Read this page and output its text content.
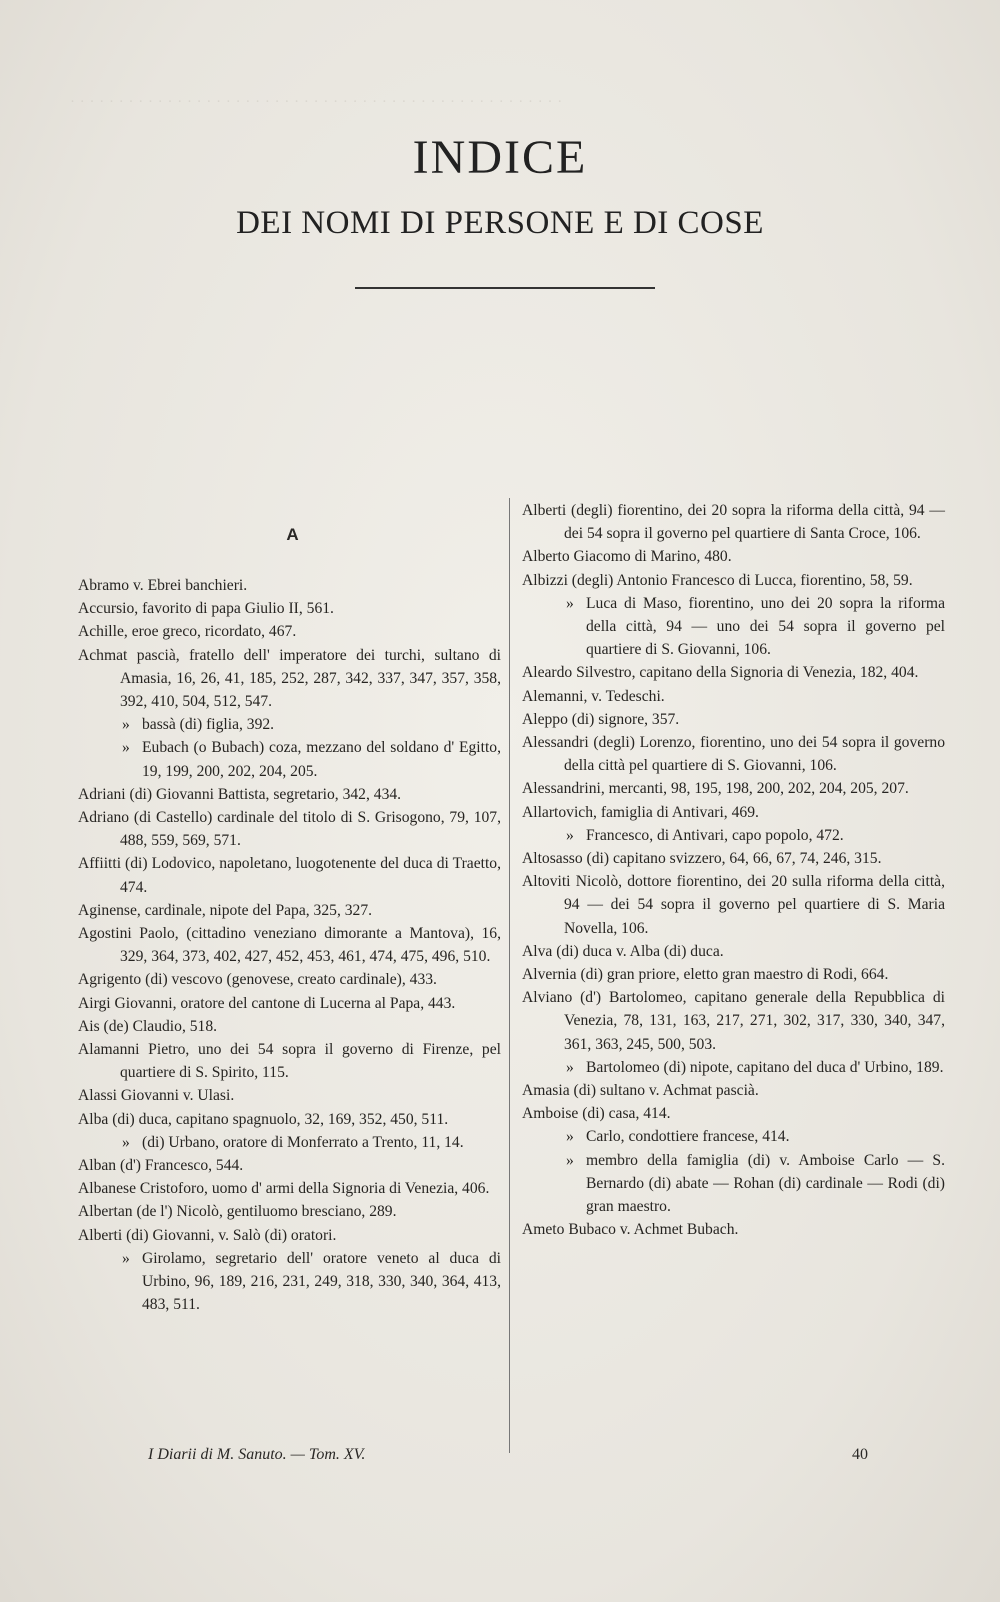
· · · · · · · · · · · · · · · · · · · · · · · · · · · · · · · · · · · · · · · · · · · · · · · · · · ·
INDICE
DEI NOMI DI PERSONE E DI COSE
A

Abramo v. Ebrei banchieri.

Accursio, favorito di papa Giulio II, 561.

Achille, eroe greco, ricordato, 467.

Achmat pascià, fratello dell' imperatore dei turchi, sultano di Amasia, 16, 26, 41, 185, 252, 287, 342, 337, 347, 357, 358, 392, 410, 504, 512, 547.

» bassà (di) figlia, 392.

» Eubach (o Bubach) coza, mezzano del soldano d' Egitto, 19, 199, 200, 202, 204, 205.

Adriani (di) Giovanni Battista, segretario, 342, 434.

Adriano (di Castello) cardinale del titolo di S. Grisogono, 79, 107, 488, 559, 569, 571.

Affiitti (di) Lodovico, napoletano, luogotenente del duca di Traetto, 474.

Aginense, cardinale, nipote del Papa, 325, 327.

Agostini Paolo, (cittadino veneziano dimorante a Mantova), 16, 329, 364, 373, 402, 427, 452, 453, 461, 474, 475, 496, 510.

Agrigento (di) vescovo (genovese, creato cardinale), 433.

Airgi Giovanni, oratore del cantone di Lucerna al Papa, 443.

Ais (de) Claudio, 518.

Alamanni Pietro, uno dei 54 sopra il governo di Firenze, pel quartiere di S. Spirito, 115.

Alassi Giovanni v. Ulasi.

Alba (di) duca, capitano spagnuolo, 32, 169, 352, 450, 511.

» (di) Urbano, oratore di Monferrato a Trento, 11, 14.

Alban (d') Francesco, 544.

Albanese Cristoforo, uomo d' armi della Signoria di Venezia, 406.

Albertan (de l') Nicolò, gentiluomo bresciano, 289.

Alberti (di) Giovanni, v. Salò (di) oratori.

» Girolamo, segretario dell' oratore veneto al duca di Urbino, 96, 189, 216, 231, 249, 318, 330, 340, 364, 413, 483, 511.

Alberti (degli) fiorentino, dei 20 sopra la riforma della città, 94 — dei 54 sopra il governo pel quartiere di Santa Croce, 106.

Alberto Giacomo di Marino, 480.

Albizzi (degli) Antonio Francesco di Lucca, fiorentino, 58, 59.

» Luca di Maso, fiorentino, uno dei 20 sopra la riforma della città, 94 — uno dei 54 sopra il governo pel quartiere di S. Giovanni, 106.

Aleardo Silvestro, capitano della Signoria di Venezia, 182, 404.

Alemanni, v. Tedeschi.

Aleppo (di) signore, 357.

Alessandri (degli) Lorenzo, fiorentino, uno dei 54 sopra il governo della città pel quartiere di S. Giovanni, 106.

Alessandrini, mercanti, 98, 195, 198, 200, 202, 204, 205, 207.

Allartovich, famiglia di Antivari, 469.

» Francesco, di Antivari, capo popolo, 472.

Altosasso (di) capitano svizzero, 64, 66, 67, 74, 246, 315.

Altoviti Nicolò, dottore fiorentino, dei 20 sulla riforma della città, 94 — dei 54 sopra il governo pel quartiere di S. Maria Novella, 106.

Alva (di) duca v. Alba (di) duca.

Alvernia (di) gran priore, eletto gran maestro di Rodi, 664.

Alviano (d') Bartolomeo, capitano generale della Repubblica di Venezia, 78, 131, 163, 217, 271, 302, 317, 330, 340, 347, 361, 363, 245, 500, 503.

» Bartolomeo (di) nipote, capitano del duca d' Urbino, 189.

Amasia (di) sultano v. Achmat pascià.

Amboise (di) casa, 414.

» Carlo, condottiere francese, 414.

» membro della famiglia (di) v. Amboise Carlo — S. Bernardo (di) abate — Rohan (di) cardinale — Rodi (di) gran maestro.

Ameto Bubaco v. Achmet Bubach.

I Diarii di M. Sanuto. — Tom. XV.	40
